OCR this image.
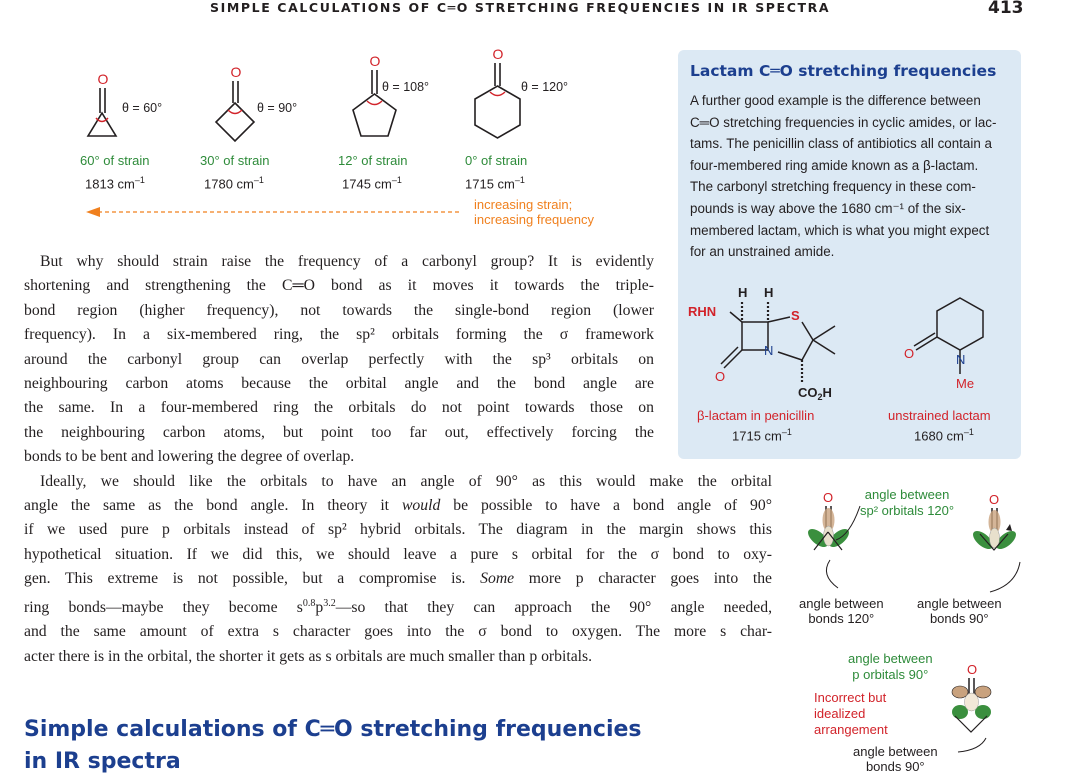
SIMPLE CALCULATIONS OF C═O STRETCHING FREQUENCIES IN IR SPECTRA	413
O	O
O	O
θ = 60°	θ = 90°
θ = 108°	θ = 120°
60° of strain	30° of strain	12° of strain	0° of strain
1813 $cm^{-1}$	1780 $cm^{-1}$	1745 $cm^{-1}$	1715 $cm^{-1}$
increasing strain;
increasing frequency
Lactam C═O stretching frequencies
A further good example is the difference between
C═O stretching frequencies in cyclic amides, or lac-
tams. The penicillin class of antibiotics all contain a
four-membered ring amide known as a β-lactam.
The carbonyl stretching frequency in these com-
pounds is way above the 1680 cm⁻¹ of the six-
membered lactam, which is what you might expect
for an unstrained amide.
RHN
H H
O
N
S
$CO_2H$
O	N
Me
β-lactam in penicillin
1715 $cm^{-1}$
unstrained lactam
1680 $cm^{-1}$
O	O
O
angle between
sp² orbitals 120°
angle between
bonds 120°
angle between
bonds 90°
angle between
p orbitals 90°
Incorrect but
idealized
arrangement
angle between
bonds 90°

But why should strain raise the frequency of a carbonyl group? It is evidently
shortening and strengthening the C═O bond as it moves it towards the triple-
bond region (higher frequency), not towards the single-bond region (lower
frequency). In a six-membered ring, the sp² orbitals forming the σ framework
around the carbonyl group can overlap perfectly with the sp³ orbitals on
neighbouring carbon atoms because the orbital angle and the bond angle are
the same. In a four-membered ring the orbitals do not point towards those on
the neighbouring carbon atoms, but point too far out, effectively forcing the
bonds to be bent and lowering the degree of overlap.

Ideally, we should like the orbitals to have an angle of 90° as this would make the orbital
angle the same as the bond angle. In theory it would be possible to have a bond angle of 90°
if we used pure p orbitals instead of sp² hybrid orbitals. The diagram in the margin shows this
hypothetical situation. If we did this, we should leave a pure s orbital for the σ bond to oxy-
gen. This extreme is not possible, but a compromise is. Some more p character goes into the
ring bonds—maybe they become $s^{0.8}p^{3.2}—so$ that they can approach the 90° angle needed,
and the same amount of extra s character goes into the σ bond to oxygen. The more s char-
acter there is in the orbital, the shorter it gets as s orbitals are much smaller than p orbitals.

Simple calculations of C═O stretching frequencies in IR spectra
